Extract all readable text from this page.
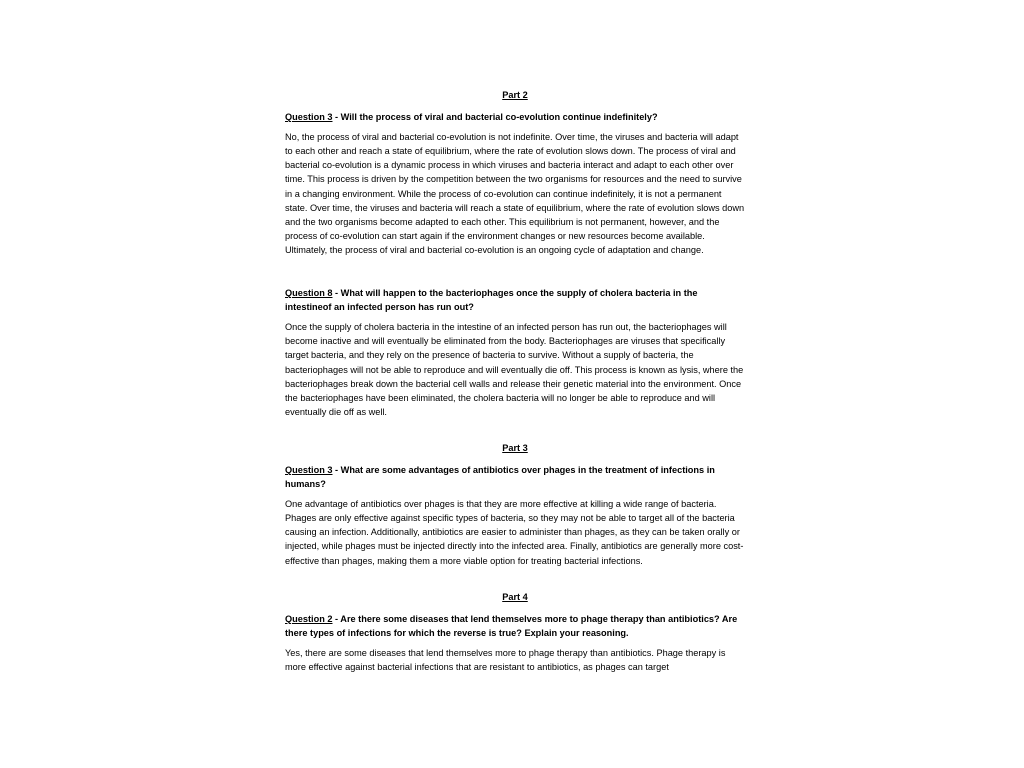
Part 2
Question 3 - Will the process of viral and bacterial co-evolution continue indefinitely?

No, the process of viral and bacterial co-evolution is not indefinite. Over time, the viruses and bacteria will adapt to each other and reach a state of equilibrium, where the rate of evolution slows down. The process of viral and bacterial co-evolution is a dynamic process in which viruses and bacteria interact and adapt to each other over time. This process is driven by the competition between the two organisms for resources and the need to survive in a changing environment. While the process of co-evolution can continue indefinitely, it is not a permanent state. Over time, the viruses and bacteria will reach a state of equilibrium, where the rate of evolution slows down and the two organisms become adapted to each other. This equilibrium is not permanent, however, and the process of co-evolution can start again if the environment changes or new resources become available. Ultimately, the process of viral and bacterial co-evolution is an ongoing cycle of adaptation and change.

Question 8 - What will happen to the bacteriophages once the supply of cholera bacteria in the intestineof an infected person has run out?

Once the supply of cholera bacteria in the intestine of an infected person has run out, the bacteriophages will become inactive and will eventually be eliminated from the body. Bacteriophages are viruses that specifically target bacteria, and they rely on the presence of bacteria to survive. Without a supply of bacteria, the bacteriophages will not be able to reproduce and will eventually die off. This process is known as lysis, where the bacteriophages break down the bacterial cell walls and release their genetic material into the environment. Once the bacteriophages have been eliminated, the cholera bacteria will no longer be able to reproduce and will eventually die off as well.

Part 3
Question 3 - What are some advantages of antibiotics over phages in the treatment of infections in humans?

One advantage of antibiotics over phages is that they are more effective at killing a wide range of bacteria. Phages are only effective against specific types of bacteria, so they may not be able to target all of the bacteria causing an infection. Additionally, antibiotics are easier to administer than phages, as they can be taken orally or injected, while phages must be injected directly into the infected area. Finally, antibiotics are generally more cost-effective than phages, making them a more viable option for treating bacterial infections.

Part 4
Question 2 - Are there some diseases that lend themselves more to phage therapy than antibiotics? Are there types of infections for which the reverse is true? Explain your reasoning.

Yes, there are some diseases that lend themselves more to phage therapy than antibiotics. Phage therapy is more effective against bacterial infections that are resistant to antibiotics, as phages can target
